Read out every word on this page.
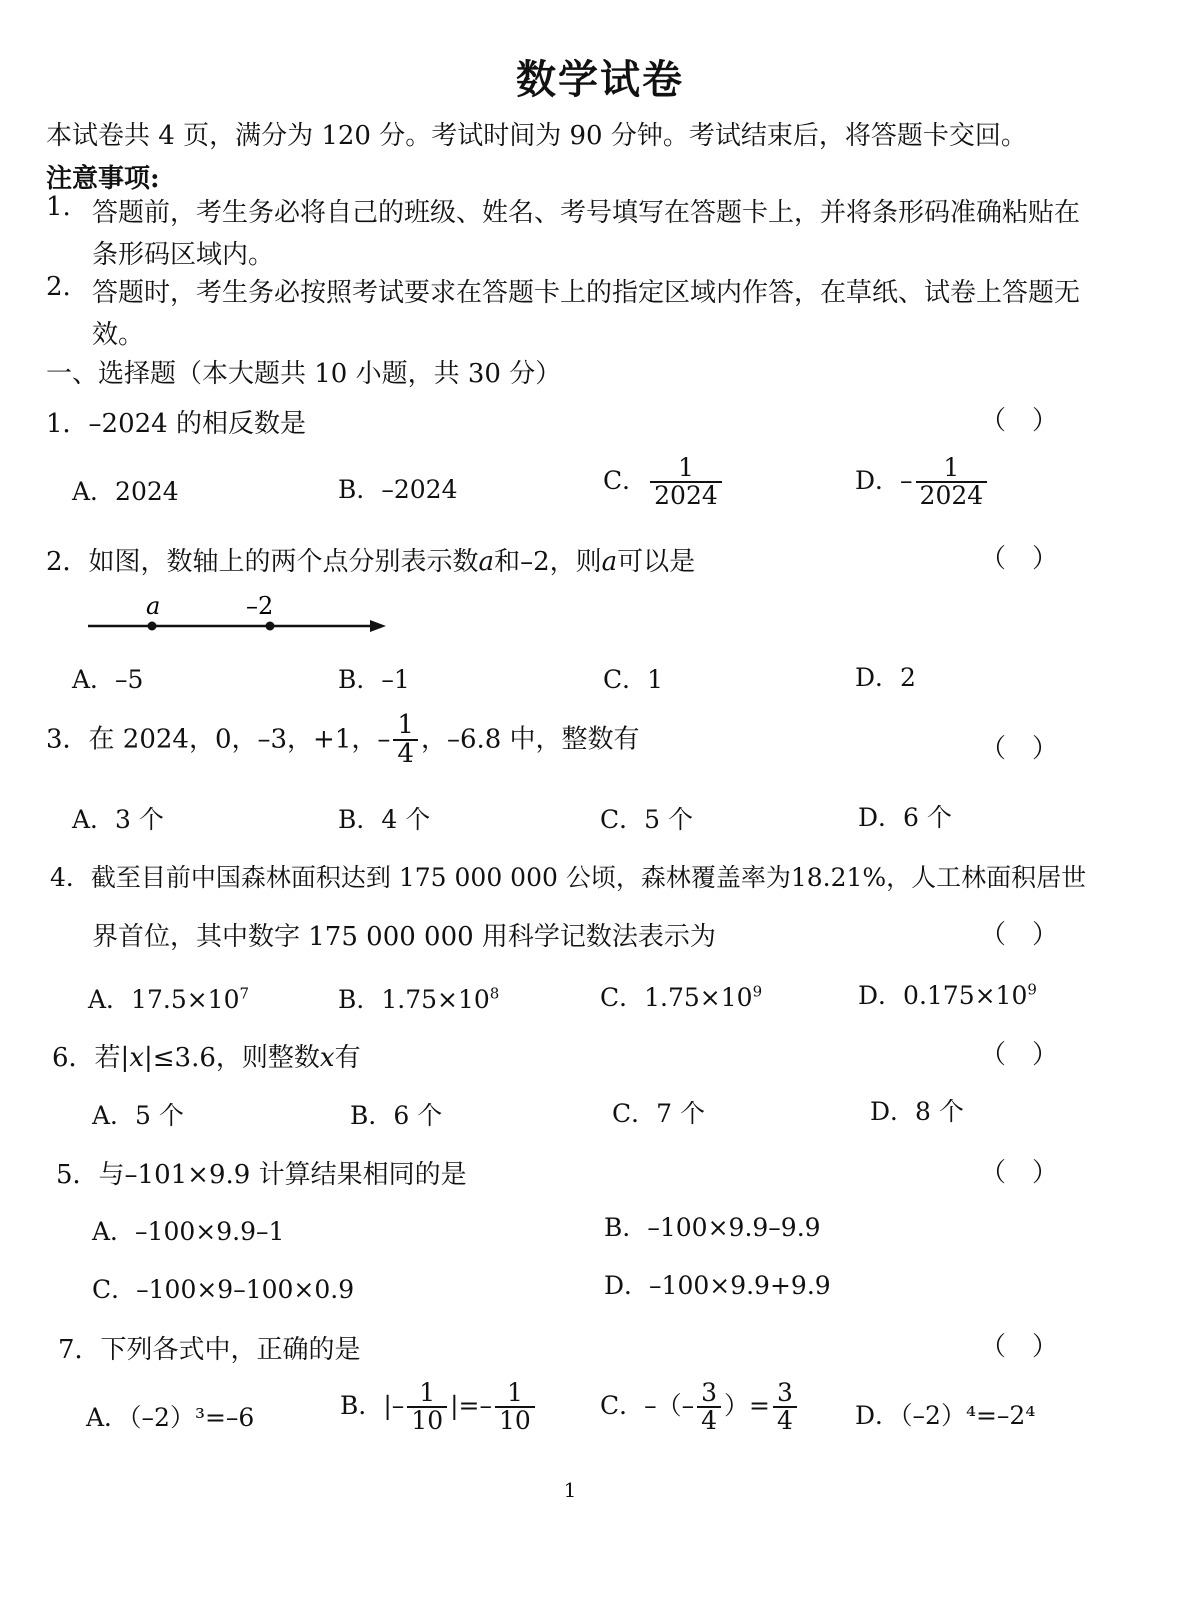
数学试卷
本试卷共 4 页，满分为 120 分。考试时间为 90 分钟。考试结束后，将答题卡交回。
注意事项:
1. 答题前，考生务必将自己的班级、姓名、考号填写在答题卡上，并将条形码准确粘贴在
条形码区域内。
2. 答题时，考生务必按照考试要求在答题卡上的指定区域内作答，在草纸、试卷上答题无
效。
一、选择题（本大题共 10 小题，共 30 分）
1．–2024 的相反数是	（　）
A．2024	B．–2024	C． $\frac{1}{2024}$	D．– $\frac{1}{2024}$
2．如图，数轴上的两个点分别表示数a和–2，则a可以是	（　）
a	–2
A．–5	B．–1	C．1	D．2
3．在 2024，0，–3，+1，– $\frac{1}{4}$ ，–6.8 中，整数有	（　）
A．3 个	B．4 个	C．5 个	D．6 个
4．截至目前中国森林面积达到 175 000 000 公顷，森林覆盖率为18.21%，人工林面积居世
界首位，其中数字 175 000 000 用科学记数法表示为	（　）
A．$17.5\times 10^7$	B．$1.75\times 10^8$	C．$1.75\times 10^9$	D．$0.175\times 10^9$
6．若|x|≤3.6，则整数x有	（　）
A．5 个	B．6 个	C．7 个	D．8 个
5．与–101×9.9 计算结果相同的是	（　）
A．–100×9.9–1	B．–100×9.9–9.9
C．–100×9–100×0.9	D．–100×9.9+9.9
7．下列各式中，正确的是	（　）
A．（–2）³=–6	B．|– $\frac{1}{10}$ |=– $\frac{1}{10}$	C．–（– $\frac{3}{4}$ ）= $\frac{3}{4}$ D．（–2）⁴=–2⁴
1
